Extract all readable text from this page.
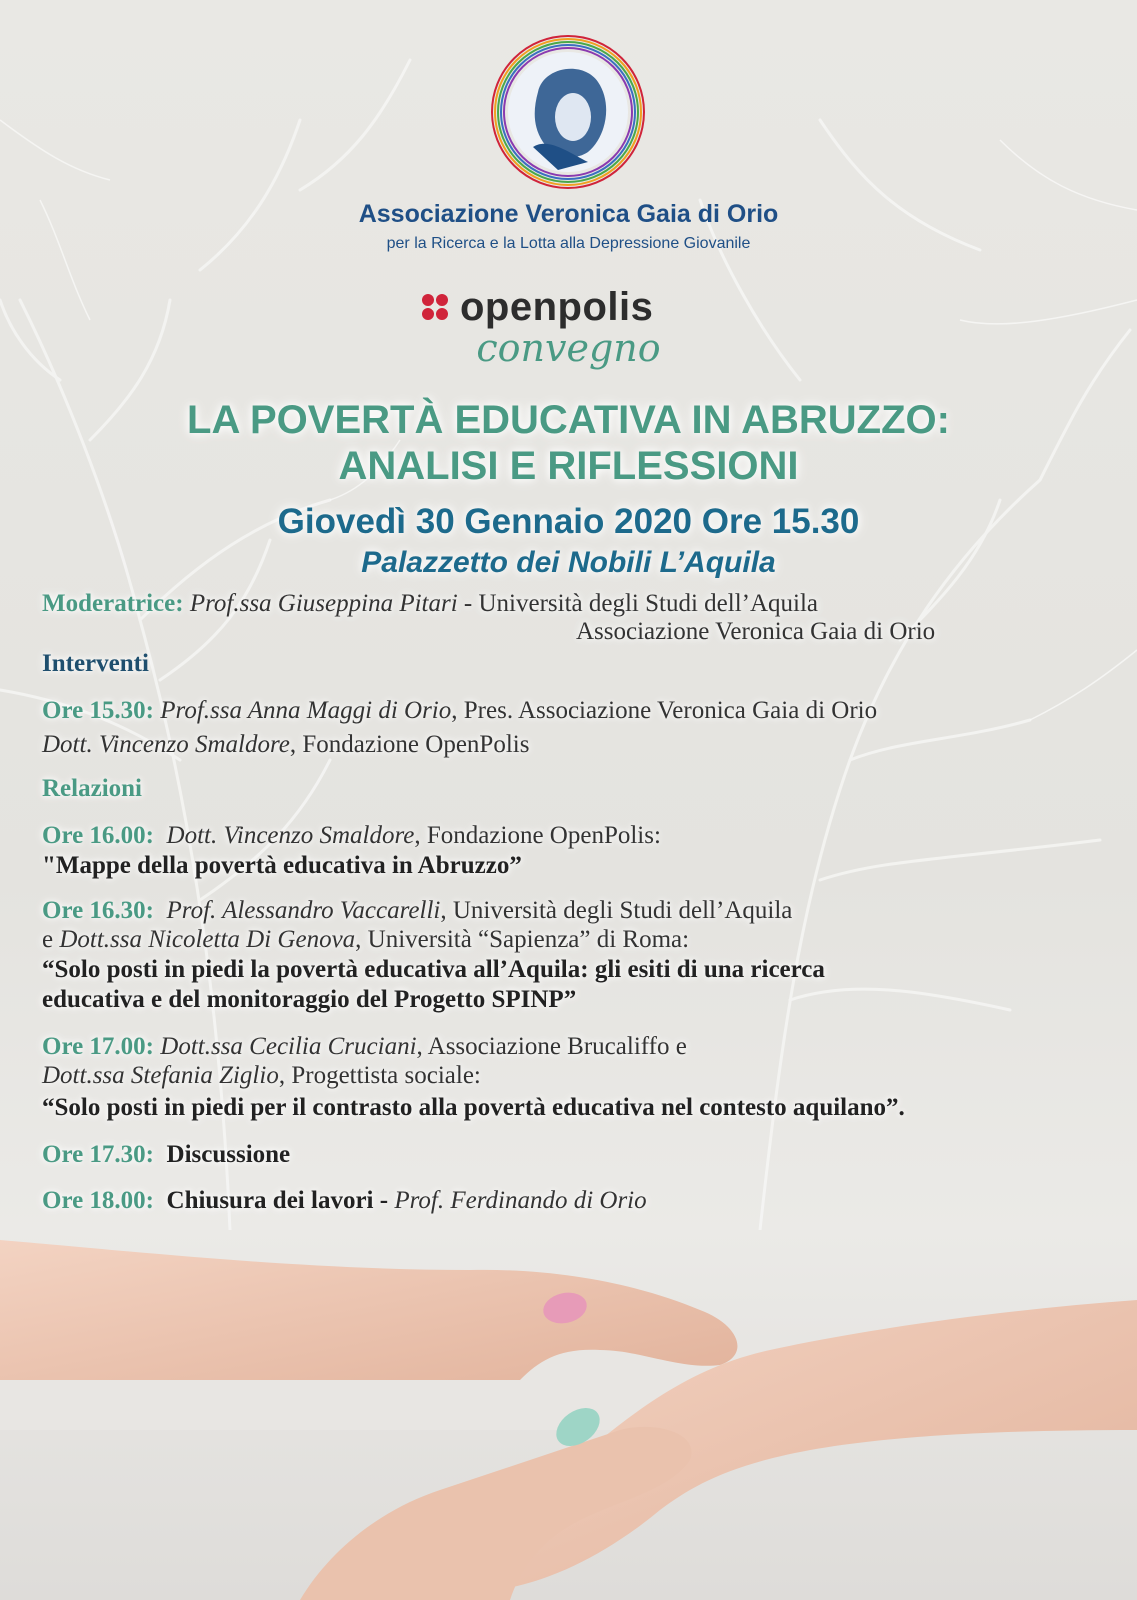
Associazione Veronica Gaia di Orio
per la Ricerca e la Lotta alla Depressione Giovanile
openpolis
convegno
LA POVERTÀ EDUCATIVA IN ABRUZZO:
ANALISI E RIFLESSIONI
Giovedì 30 Gennaio 2020 Ore 15.30
Palazzetto dei Nobili L’Aquila
Moderatrice: Prof.ssa Giuseppina Pitari - Università degli Studi dell’Aquila
Associazione Veronica Gaia di Orio
Interventi
Ore 15.30: Prof.ssa Anna Maggi di Orio, Pres. Associazione Veronica Gaia di Orio
Dott. Vincenzo Smaldore, Fondazione OpenPolis
Relazioni
Ore 16.00: Dott. Vincenzo Smaldore, Fondazione OpenPolis:
"Mappe della povertà educativa in Abruzzo”
Ore 16.30: Prof. Alessandro Vaccarelli, Università degli Studi dell’Aquila
e Dott.ssa Nicoletta Di Genova, Università “Sapienza” di Roma:
“Solo posti in piedi la povertà educativa all’Aquila: gli esiti di una ricerca
educativa e del monitoraggio del Progetto SPINP”
Ore 17.00: Dott.ssa Cecilia Cruciani, Associazione Brucaliffo e
Dott.ssa Stefania Ziglio, Progettista sociale:
“Solo posti in piedi per il contrasto alla povertà educativa nel contesto aquilano”.
Ore 17.30: Discussione
Ore 18.00: Chiusura dei lavori - Prof. Ferdinando di Orio
